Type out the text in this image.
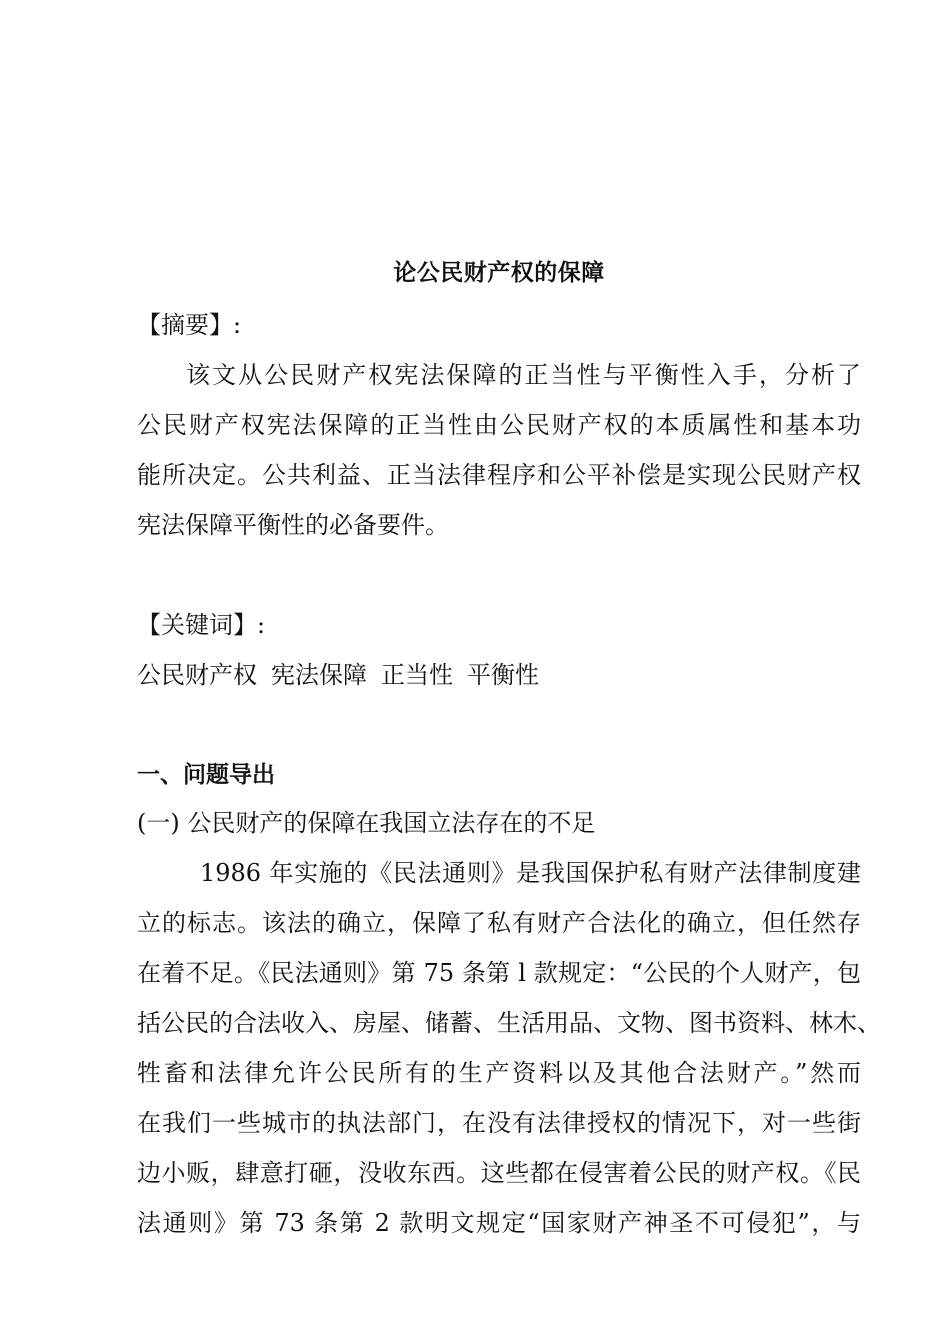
论公民财产权的保障
【摘要】:
该文从公民财产权宪法保障的正当性与平衡性入手，分析了
公民财产权宪法保障的正当性由公民财产权的本质属性和基本功
能所决定。公共利益、正当法律程序和公平补偿是实现公民财产权
宪法保障平衡性的必备要件。
【关键词】:
公民财产权 宪法保障 正当性 平衡性
一、问题导出
(一) 公民财产的保障在我国立法存在的不足
1986 年实施的《民法通则》是我国保护私有财产法律制度建
立的标志。该法的确立，保障了私有财产合法化的确立，但任然存
在着不足。《民法通则》第 75 条第 l 款规定：“公民的个人财产，包
括公民的合法收入、房屋、储蓄、生活用品、文物、图书资料、林木、
牲畜和法律允许公民所有的生产资料以及其他合法财产。”然而
在我们一些城市的执法部门，在没有法律授权的情况下，对一些街
边小贩，肆意打砸，没收东西。这些都在侵害着公民的财产权。《民
法通则》第 73 条第 2 款明文规定“国家财产神圣不可侵犯”，与
